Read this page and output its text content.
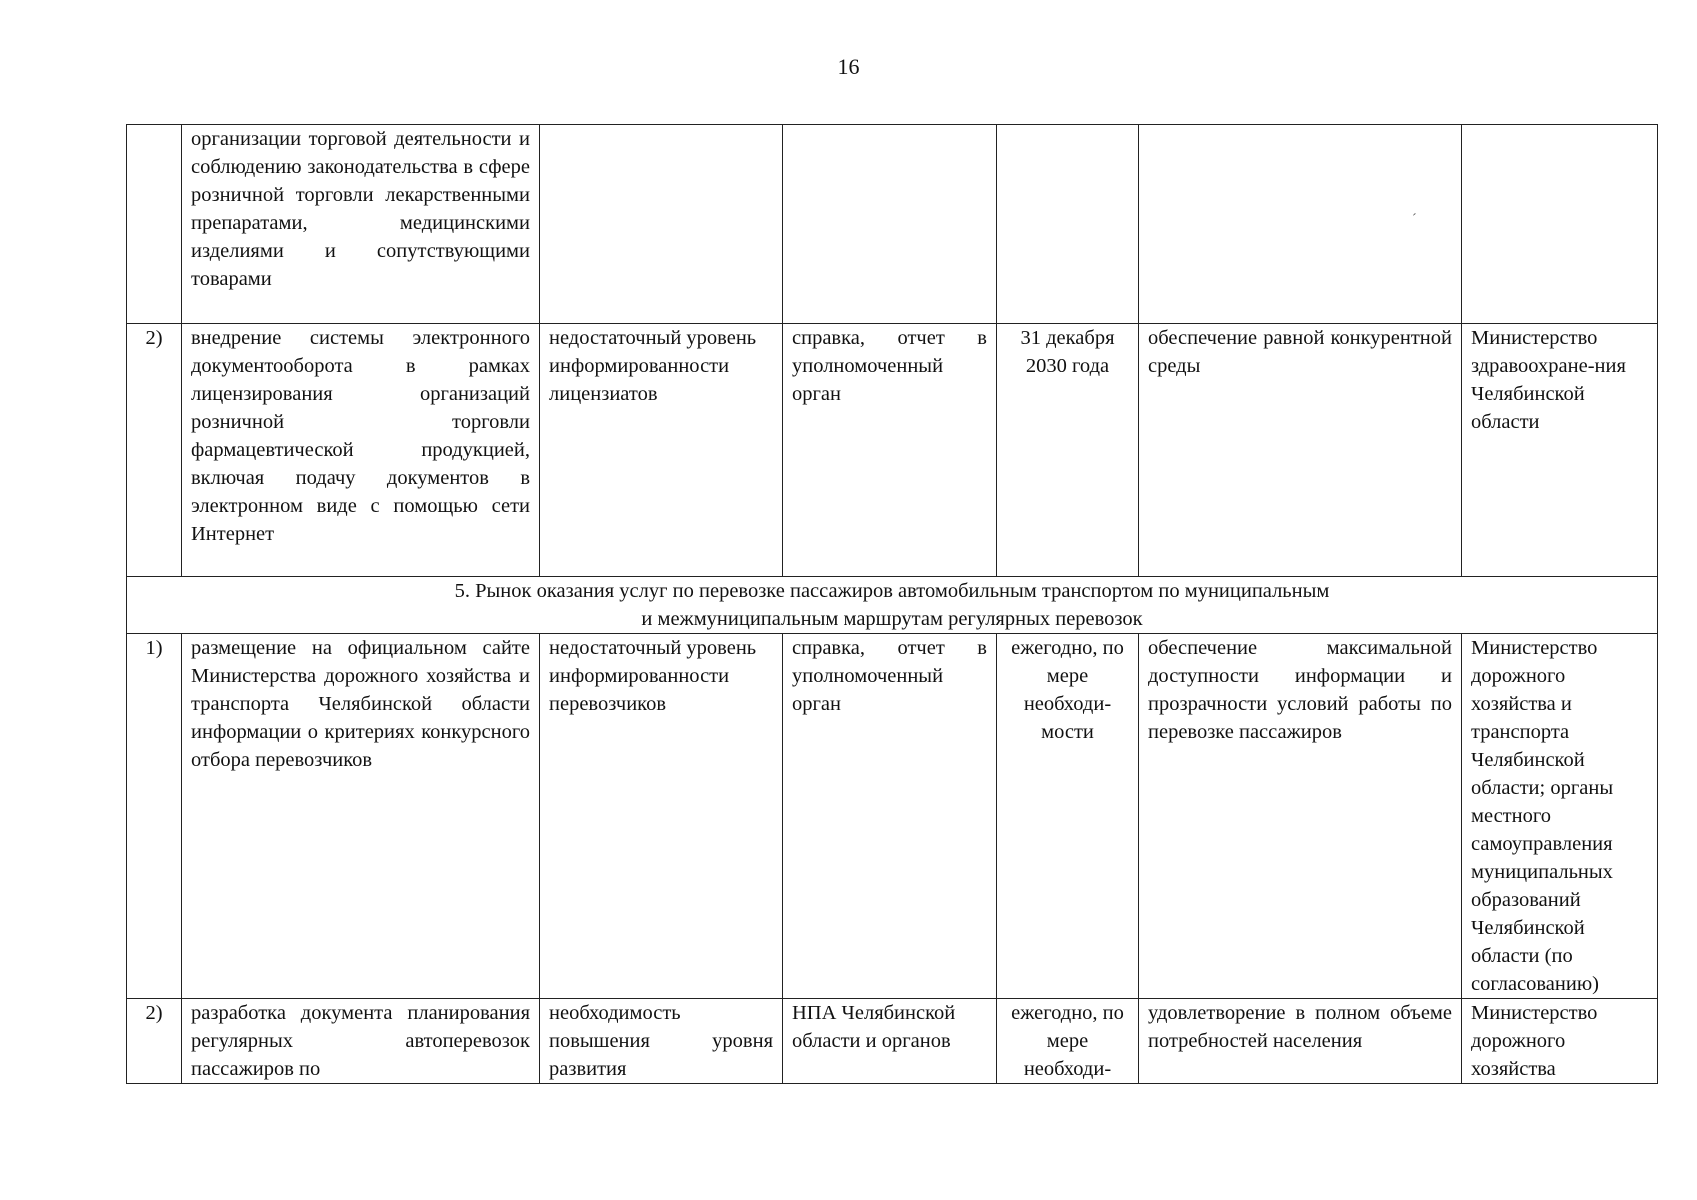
16
	организации торговой деятельности и соблюдению законодательства в сфере розничной торговли лекарственными препаратами, медицинскими изделиями и сопутствующими товарами					
2)	внедрение системы электронного документооборота в рамках лицензирования организаций розничной торговли фармацевтической продукцией, включая подачу документов в электронном виде с помощью сети Интернет	недостаточный уровень информированности лицензиатов	справка, отчет в уполномоченный орган	31 декабря 2030 года	обеспечение равной конкурентной среды	Министерство здравоохране-ния Челябинской области

5. Рынок оказания услуг по перевозке пассажиров автомобильным транспортом по муниципальным
и межмуниципальным маршрутам регулярных перевозок						

1)	размещение на официальном сайте Министерства дорожного хозяйства и транспорта Челябинской области информации о критериях конкурсного отбора перевозчиков	недостаточный уровень информированности перевозчиков	справка, отчет в уполномоченный орган	ежегодно, по мере необходи-мости	обеспечение максимальной доступности информации и прозрачности условий работы по перевозке пассажиров	Министерство дорожного хозяйства и транспорта Челябинской области; органы местного самоуправления муниципальных образований Челябинской области (по согласованию)
2)	разработка документа планирования регулярных автоперевозок пассажиров по	необходимость повышения уровня развития	НПА Челябинской области и органов	ежегодно, по мере необходи-	удовлетворение в полном объеме потребностей населения	Министерство дорожного хозяйства
´
